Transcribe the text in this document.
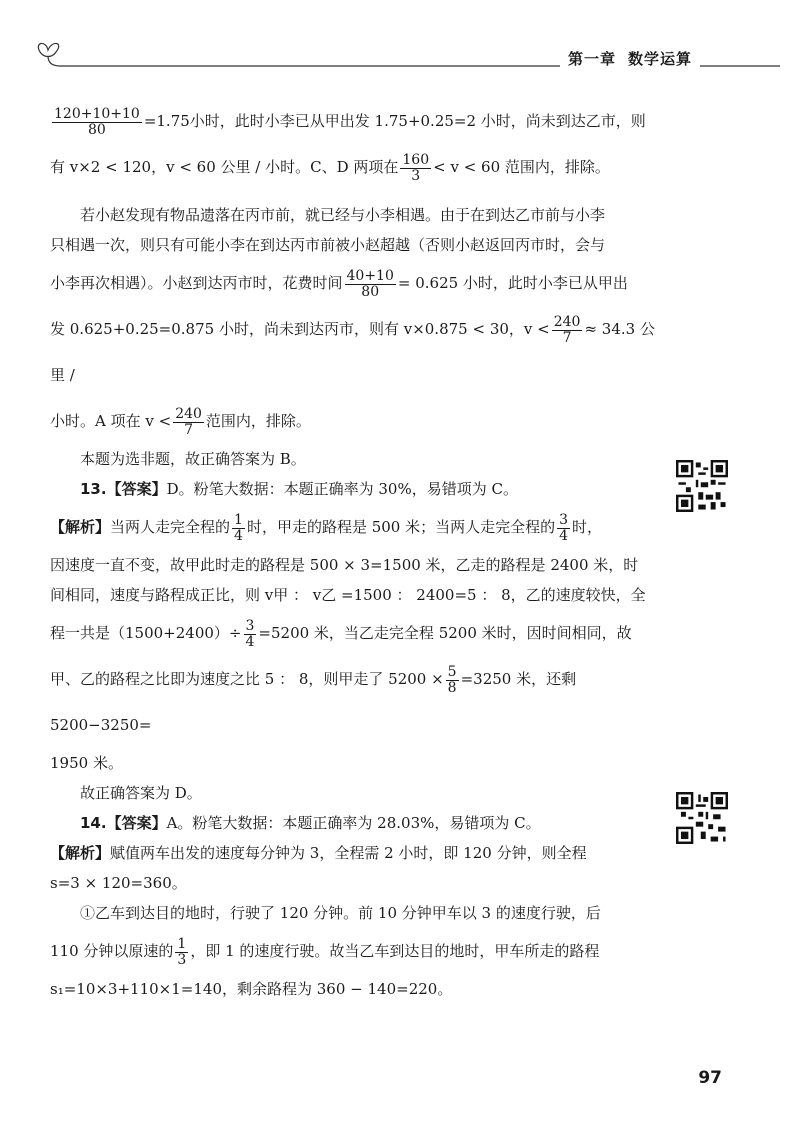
第一章 数学运算

$\frac{120+10+10}{80} =1.75$小时，此时小李已从甲出发 1.75+0.25=2 小时，尚未到达乙市，则

有 v×2 < 120，v < 60 公里 / 小时。C、D 两项在 $\frac{160}{3} < v < 60$ 范围内，排除。

若小赵发现有物品遗落在丙市前，就已经与小李相遇。由于在到达乙市前与小李

只相遇一次，则只有可能小李在到达丙市前被小赵超越（否则小赵返回丙市时，会与

小李再次相遇）。小赵到达丙市时，花费时间 $\frac{40+10}{80} = 0.625$ 小时，此时小李已从甲出

发 0.625+0.25=0.875 小时，尚未到达丙市，则有 v×0.875 < 30，$v < \frac{240}{7} \approx 34.3$ 公里 /

小时。A 项在 $v < \frac{240}{7}$ 范围内，排除。

本题为选非题，故正确答案为 B。

13.【答案】D。粉笔大数据：本题正确率为 30%，易错项为 C。

【解析】当两人走完全程的 $\frac{1}{4}$ 时，甲走的路程是 500 米；当两人走完全程的 $\frac{3}{4}$ 时，

因速度一直不变，故甲此时走的路程是 500 × 3=1500 米，乙走的路程是 2400 米，时

间相同，速度与路程成正比，则 v甲 ： v乙 =1500 ： 2400=5 ： 8，乙的速度较快，全

程一共是$(1500+2400)\div \frac{3}{4} =5200$ 米，当乙走完全程 5200 米时，因时间相同，故

甲、乙的路程之比即为速度之比 5 ： 8，则甲走了 $5200 \times \frac{5}{8} =3250$ 米，还剩 5200−3250=

1950 米。

故正确答案为 D。

14.【答案】A。粉笔大数据：本题正确率为 28.03%，易错项为 C。

【解析】赋值两车出发的速度每分钟为 3，全程需 2 小时，即 120 分钟，则全程

s=3 × 120=360。

①乙车到达目的地时，行驶了 120 分钟。前 10 分钟甲车以 3 的速度行驶，后

110 分钟以原速的 $\frac{1}{3}$ ，即 1 的速度行驶。故当乙车到达目的地时，甲车所走的路程

s₁=10×3+110×1=140，剩余路程为 360 − 140=220。

97
